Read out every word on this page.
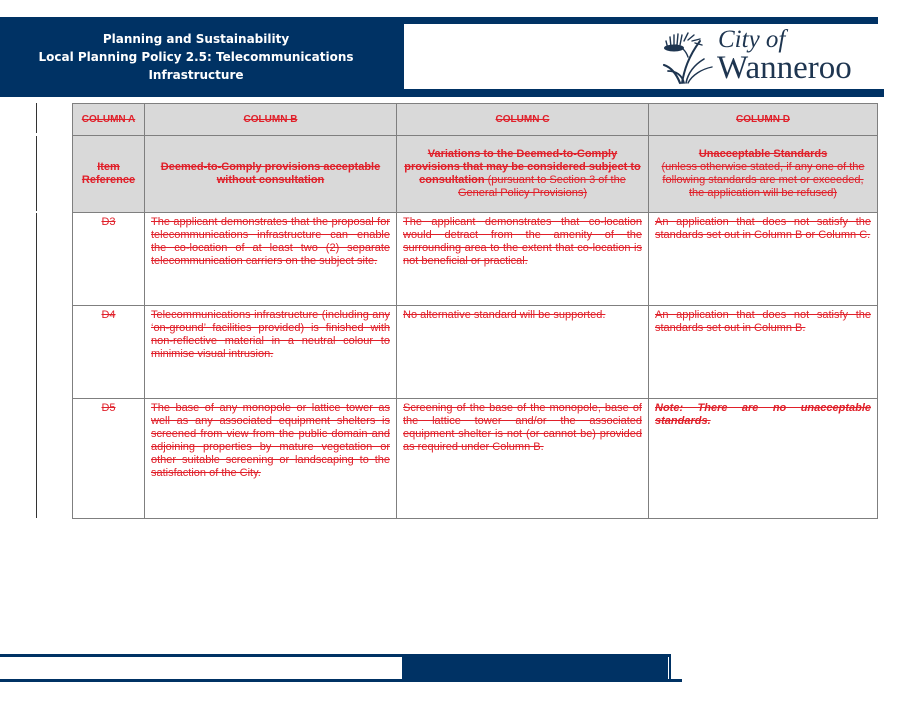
Planning and Sustainability
Local Planning Policy 2.5: Telecommunications Infrastructure
City of
Wanneroo
COLUMN A	COLUMN B	COLUMN C	COLUMN D
Item Reference	Deemed-to-Comply provisions acceptable without consultation	Variations to the Deemed-to-Comply provisions that may be considered subject to consultation (pursuant to Section 3 of the General Policy Provisions)	Unacceptable Standards
(unless otherwise stated, if any one of the following standards are met or exceeded, the application will be refused)

D3	The applicant demonstrates that the proposal for telecommunications infrastructure can enable the co-location of at least two (2) separate telecommunication carriers on the subject site.	The applicant demonstrates that co-location would detract from the amenity of the surrounding area to the extent that co-location is not beneficial or practical.	An application that does not satisfy the standards set out in Column B or Column C.
D4	Telecommunications infrastructure (including any ‘on-ground’ facilities provided) is finished with non-reflective material in a neutral colour to minimise visual intrusion.	No alternative standard will be supported.	An application that does not satisfy the standards set out in Column B.
D5	The base of any monopole or lattice tower as well as any associated equipment shelters is screened from view from the public domain and adjoining properties by mature vegetation or other suitable screening or landscaping to the satisfaction of the City.	Screening of the base of the monopole, base of the lattice tower and/or the associated equipment shelter is not (or cannot be) provided as required under Column B.	Note: There are no unacceptable standards.
